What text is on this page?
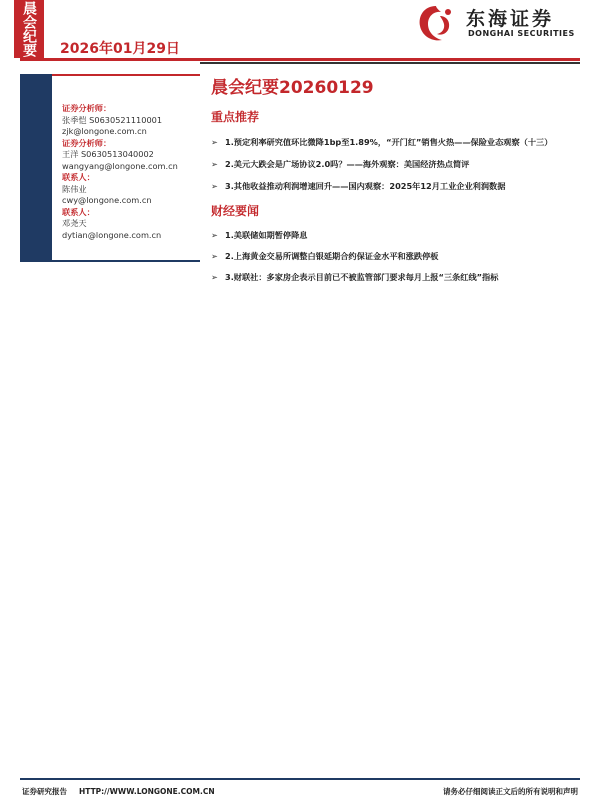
晨会纪要	东海证券
DONGHAI SECURITIES
2026年01月29日
证券分析师：
张季恺 S0630521110001
zjk@longone.com.cn
证券分析师：
王洋 S0630513040002
wangyang@longone.com.cn
联系人：
陈伟业
cwy@longone.com.cn
联系人：
邓尧天
dytian@longone.com.cn
晨会纪要20260129
重点推荐
➢ 1.预定利率研究值环比微降1bp至1.89%，“开门红”销售火热——保险业态观察（十三）
➢ 2.美元大跌会是广场协议2.0吗？——海外观察：美国经济热点简评
➢ 3.其他收益推动利润增速回升——国内观察：2025年12月工业企业利润数据
财经要闻
➢ 1.美联储如期暂停降息
➢ 2.上海黄金交易所调整白银延期合约保证金水平和涨跌停板
➢ 3.财联社：多家房企表示目前已不被监管部门要求每月上报“三条红线”指标
证券研究报告 HTTP://WWW.LONGONE.COM.CN	请务必仔细阅读正文后的所有说明和声明
